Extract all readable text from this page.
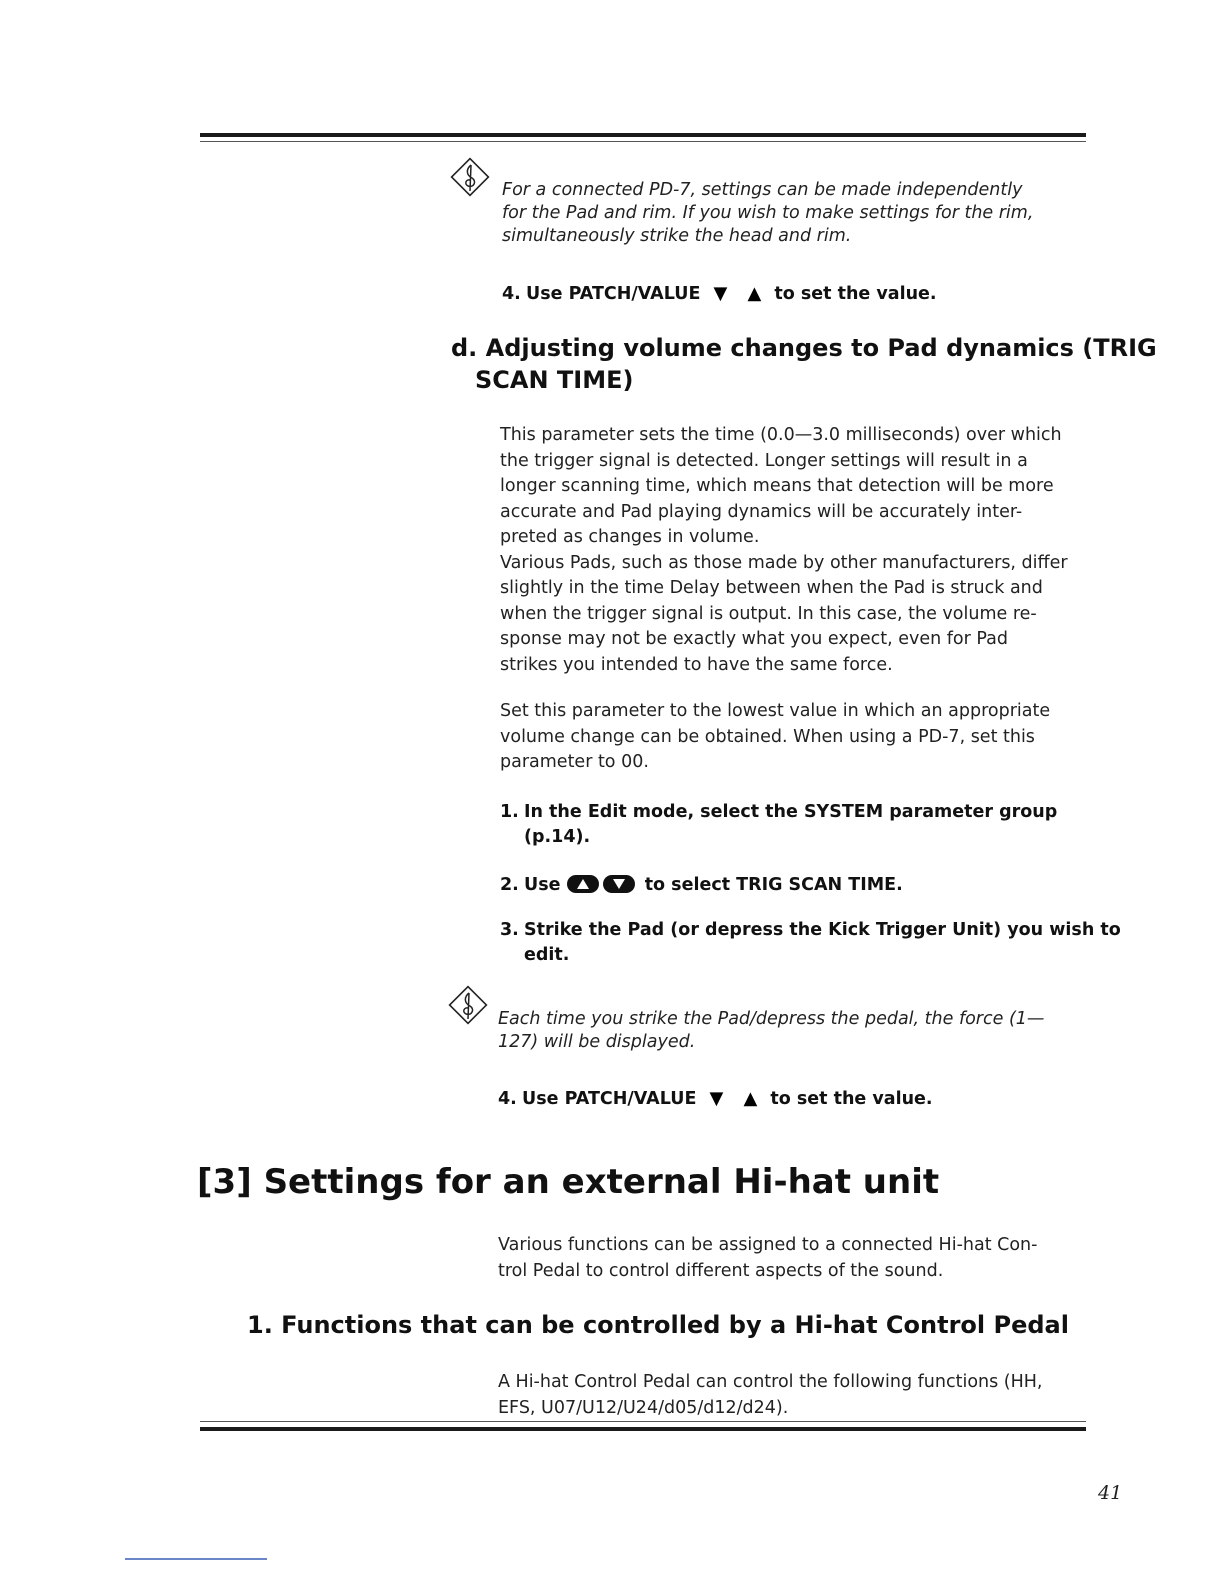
For a connected PD-7, settings can be made independently

for the Pad and rim. If you wish to make settings for the rim,

simultaneously strike the head and rim.

4. Use PATCH/VALUE ▼ ▲ to set the value.
d. Adjusting volume changes to Pad dynamics (TRIG
SCAN TIME)

This parameter sets the time (0.0—3.0 milliseconds) over which

the trigger signal is detected. Longer settings will result in a

longer scanning time, which means that detection will be more

accurate and Pad playing dynamics will be accurately inter-

preted as changes in volume.

Various Pads, such as those made by other manufacturers, differ

slightly in the time Delay between when the Pad is struck and

when the trigger signal is output. In this case, the volume re-

sponse may not be exactly what you expect, even for Pad

strikes you intended to have the same force.

Set this parameter to the lowest value in which an appropriate

volume change can be obtained. When using a PD-7, set this

parameter to 00.

1. In the Edit mode, select the SYSTEM parameter group
(p.14).
2. Use	to select TRIG SCAN TIME.
3. Strike the Pad (or depress the Kick Trigger Unit) you wish to
edit.

Each time you strike the Pad/depress the pedal, the force (1—

127) will be displayed.

4. Use PATCH/VALUE ▼ ▲ to set the value.
[3] Settings for an external Hi-hat unit

Various functions can be assigned to a connected Hi-hat Con-

trol Pedal to control different aspects of the sound.

1. Functions that can be controlled by a Hi-hat Control Pedal

A Hi-hat Control Pedal can control the following functions (HH,

EFS, U07/U12/U24/d05/d12/d24).

41
